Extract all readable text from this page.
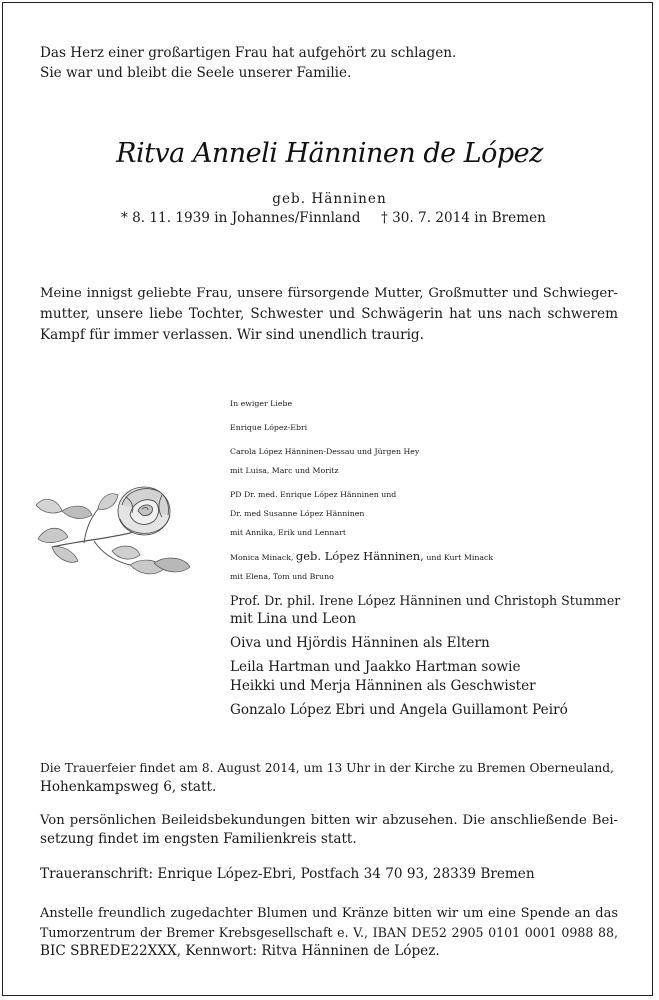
Das Herz einer großartigen Frau hat aufgehört zu schlagen.
Sie war und bleibt die Seele unserer Familie.
Ritva Anneli Hänninen de López
geb. Hänninen
* 8. 11. 1939 in Johannes/Finnland † 30. 7. 2014 in Bremen
Meine innigst geliebte Frau, unsere fürsorgende Mutter, Großmutter und Schwieger-
mutter, unsere liebe Tochter, Schwester und Schwägerin hat uns nach schwerem
Kampf für immer verlassen. Wir sind unendlich traurig.
In ewiger Liebe
Enrique López-Ebri
Carola López Hänninen-Dessau und Jürgen Hey
mit Luisa, Marc und Moritz
PD Dr. med. Enrique López Hänninen und
Dr. med Susanne López Hänninen
mit Annika, Erik und Lennart
Monica Minack, geb. López Hänninen, und Kurt Minack
mit Elena, Tom und Bruno
Prof. Dr. phil. Irene López Hänninen und Christoph Stummer
mit Lina und Leon
Oiva und Hjördis Hänninen als Eltern
Leila Hartman und Jaakko Hartman sowie
Heikki und Merja Hänninen als Geschwister
Gonzalo López Ebri und Angela Guillamont Peiró
Die Trauerfeier findet am 8. August 2014, um 13 Uhr in der Kirche zu Bremen Oberneuland,
Hohenkampsweg 6, statt.
Von persönlichen Beileidsbekundungen bitten wir abzusehen. Die anschließende Bei-
setzung findet im engsten Familienkreis statt.
Traueranschrift: Enrique López-Ebri, Postfach 34 70 93, 28339 Bremen
Anstelle freundlich zugedachter Blumen und Kränze bitten wir um eine Spende an das
Tumorzentrum der Bremer Krebsgesellschaft e. V., IBAN DE52 2905 0101 0001 0988 88,
BIC SBREDE22XXX, Kennwort: Ritva Hänninen de López.
